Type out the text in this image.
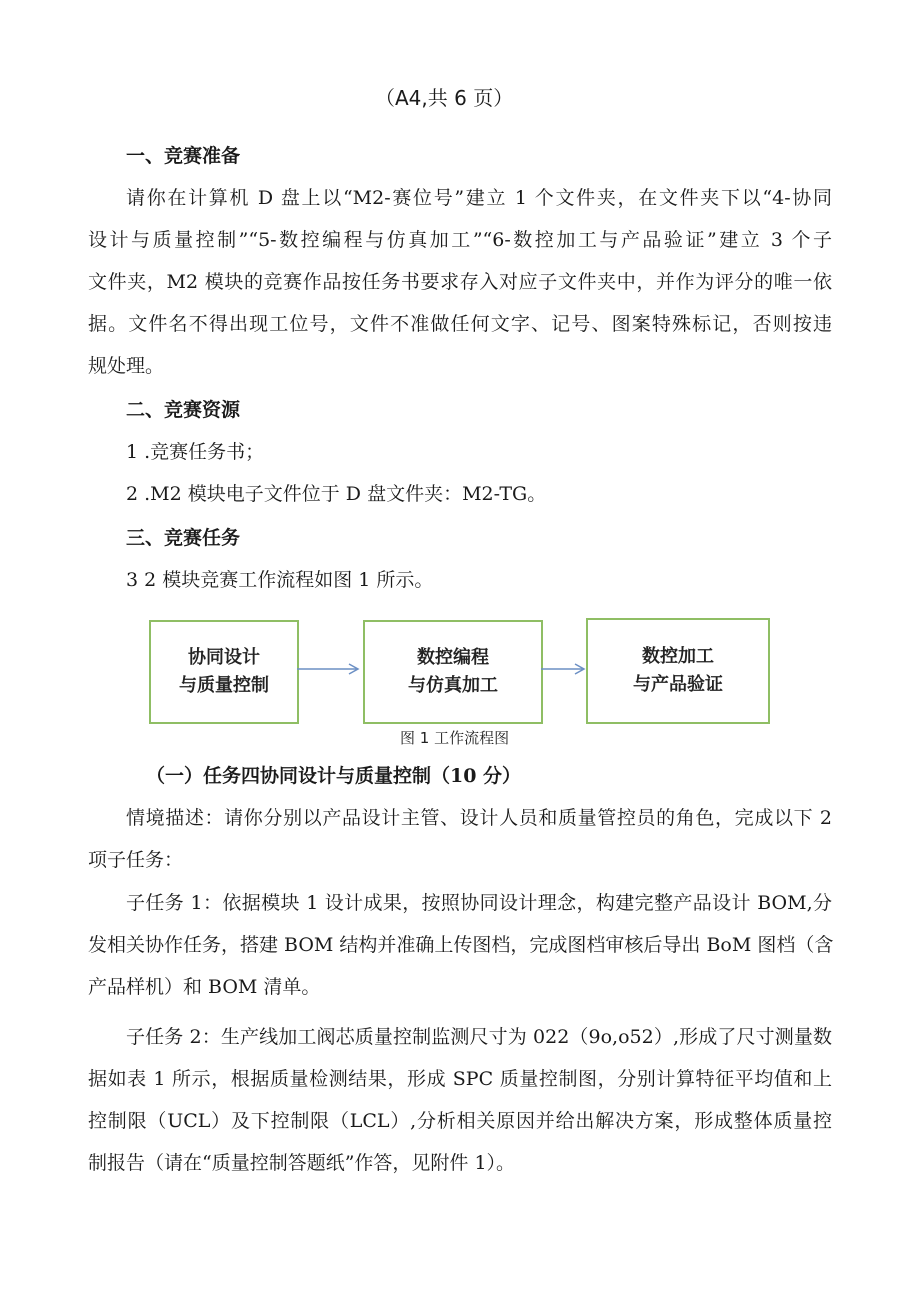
（A4,共 6 页）
一、竞赛准备
请你在计算机 D 盘上以“M2-赛位号”建立 1 个文件夹，在文件夹下以“4-协同
设计与质量控制”“5-数控编程与仿真加工”“6-数控加工与产品验证”建立 3 个子
文件夹，M2 模块的竞赛作品按任务书要求存入对应子文件夹中，并作为评分的唯一依
据。文件名不得出现工位号，文件不准做任何文字、记号、图案特殊标记，否则按违
规处理。
二、竞赛资源
1 .竞赛任务书；
2 .M2 模块电子文件位于 D 盘文件夹：M2-TG。
三、竞赛任务
3 2 模块竞赛工作流程如图 1 所示。
协同设计
与质量控制
数控编程
与仿真加工
数控加工
与产品验证
图 1 工作流程图
（一）任务四协同设计与质量控制（10 分）
情境描述：请你分别以产品设计主管、设计人员和质量管控员的角色，完成以下 2
项子任务：
子任务 1：依据模块 1 设计成果，按照协同设计理念，构建完整产品设计 BOM,分
发相关协作任务，搭建 BOM 结构并准确上传图档，完成图档审核后导出 BoM 图档（含
产品样机）和 BOM 清单。
子任务 2：生产线加工阀芯质量控制监测尺寸为 022（9o,o52）,形成了尺寸测量数
据如表 1 所示，根据质量检测结果，形成 SPC 质量控制图，分别计算特征平均值和上
控制限（UCL）及下控制限（LCL）,分析相关原因并给出解决方案，形成整体质量控
制报告（请在“质量控制答题纸”作答，见附件 1）。
